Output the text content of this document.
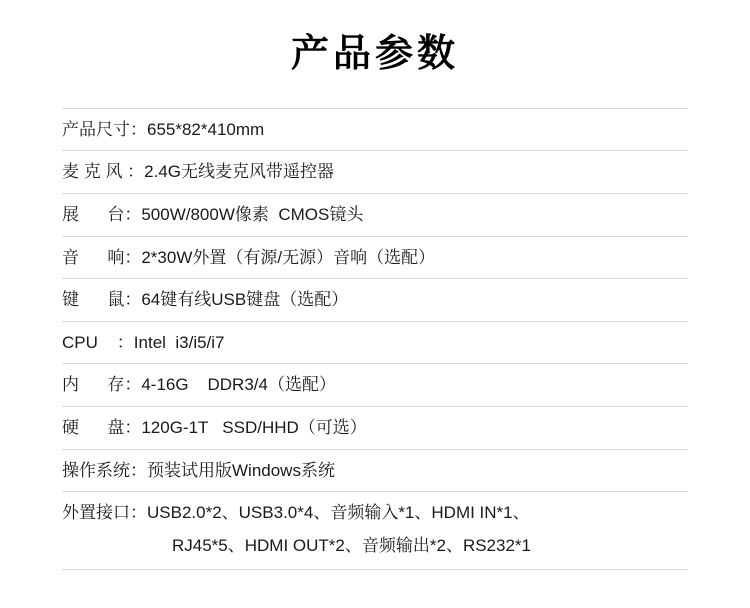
产品参数
产品尺寸： 655*82*410mm
麦 克 风 ： 2.4G无线麦克风带遥控器
展      台： 500W/800W像素  CMOS镜头
音      响： 2*30W外置（有源/无源）音响（选配）
键      鼠： 64键有线USB键盘（选配）
CPU    ： Intel  i3/i5/i7
内      存： 4-16G    DDR3/4（选配）
硬      盘： 120G-1T   SSD/HHD（可选）
操作系统： 预装试用版Windows系统
外置接口：USB2.0*2、USB3.0*4、音频输入*1、HDMI IN*1、
RJ45*5、HDMI OUT*2、音频输出*2、RS232*1
